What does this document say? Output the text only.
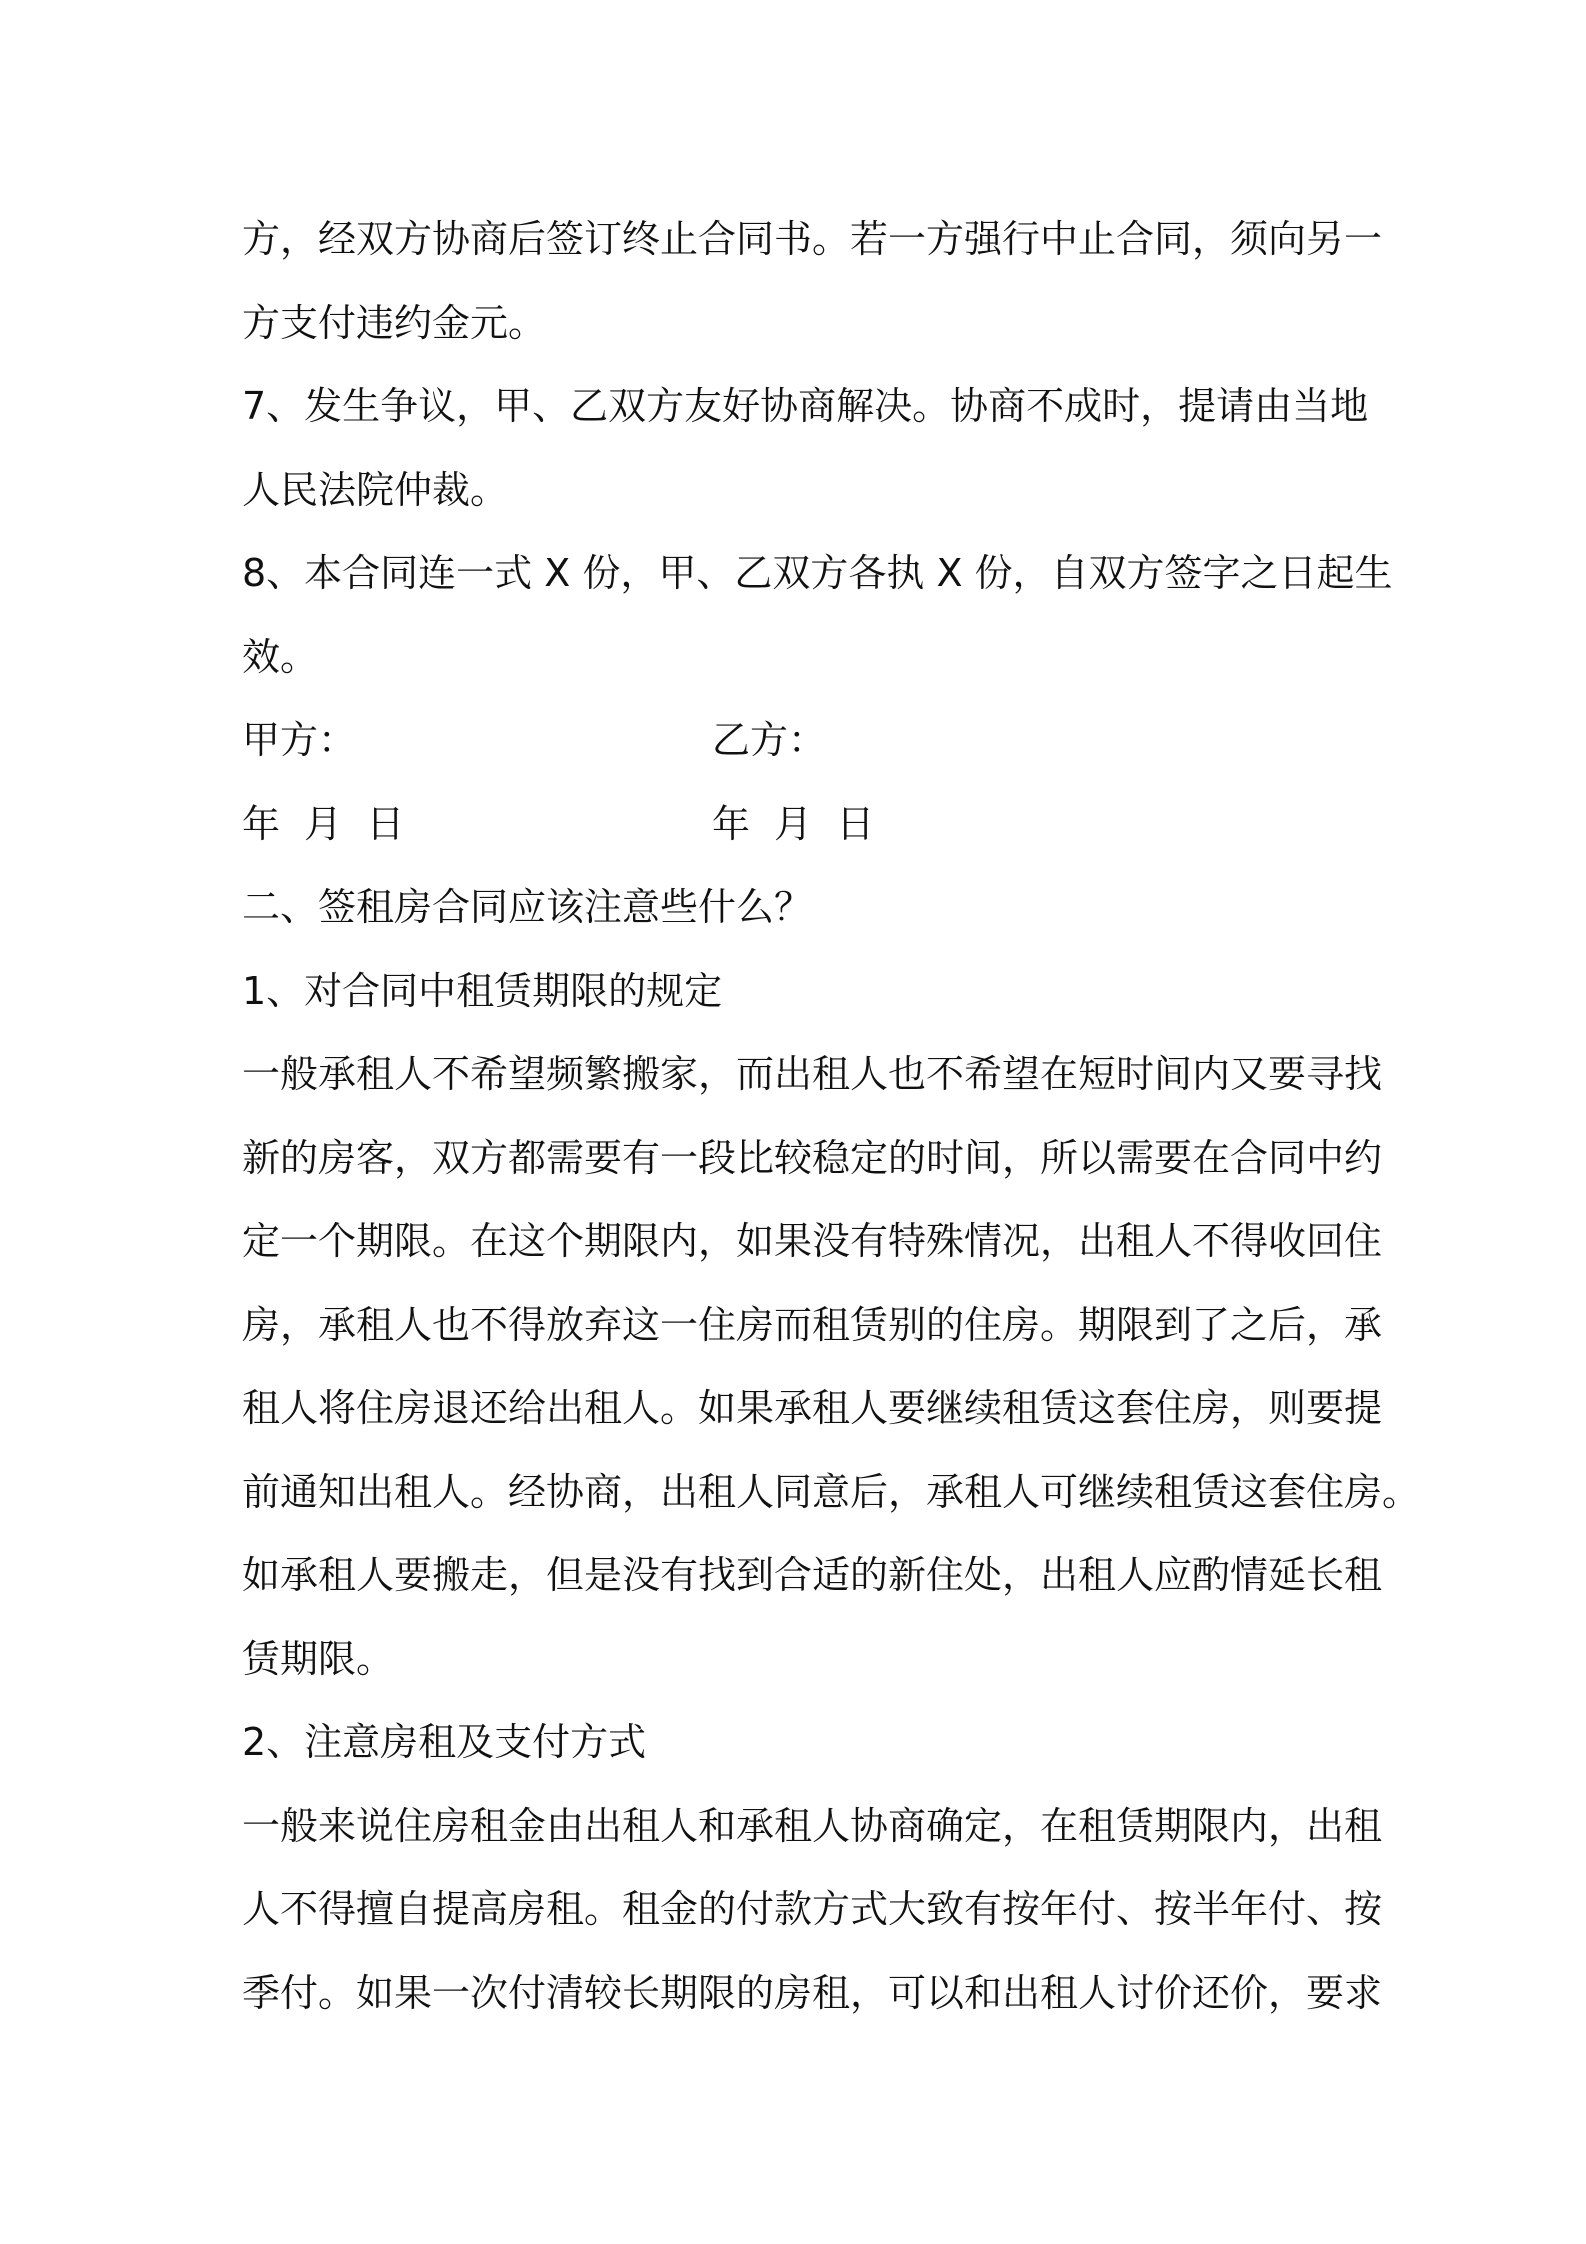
方，经双方协商后签订终止合同书。若一方强行中止合同，须向另一
方支付违约金元。
7、发生争议，甲、乙双方友好协商解决。协商不成时，提请由当地
人民法院仲裁。
8、本合同连一式 X 份，甲、乙双方各执 X 份，自双方签字之日起生
效。
甲方：	乙方：
年  月  日	年  月  日
二、签租房合同应该注意些什么？
1、对合同中租赁期限的规定
一般承租人不希望频繁搬家，而出租人也不希望在短时间内又要寻找
新的房客，双方都需要有一段比较稳定的时间，所以需要在合同中约
定一个期限。在这个期限内，如果没有特殊情况，出租人不得收回住
房，承租人也不得放弃这一住房而租赁别的住房。期限到了之后，承
租人将住房退还给出租人。如果承租人要继续租赁这套住房，则要提
前通知出租人。经协商，出租人同意后，承租人可继续租赁这套住房。
如承租人要搬走，但是没有找到合适的新住处，出租人应酌情延长租
赁期限。
2、注意房租及支付方式
一般来说住房租金由出租人和承租人协商确定，在租赁期限内，出租
人不得擅自提高房租。租金的付款方式大致有按年付、按半年付、按
季付。如果一次付清较长期限的房租，可以和出租人讨价还价，要求
